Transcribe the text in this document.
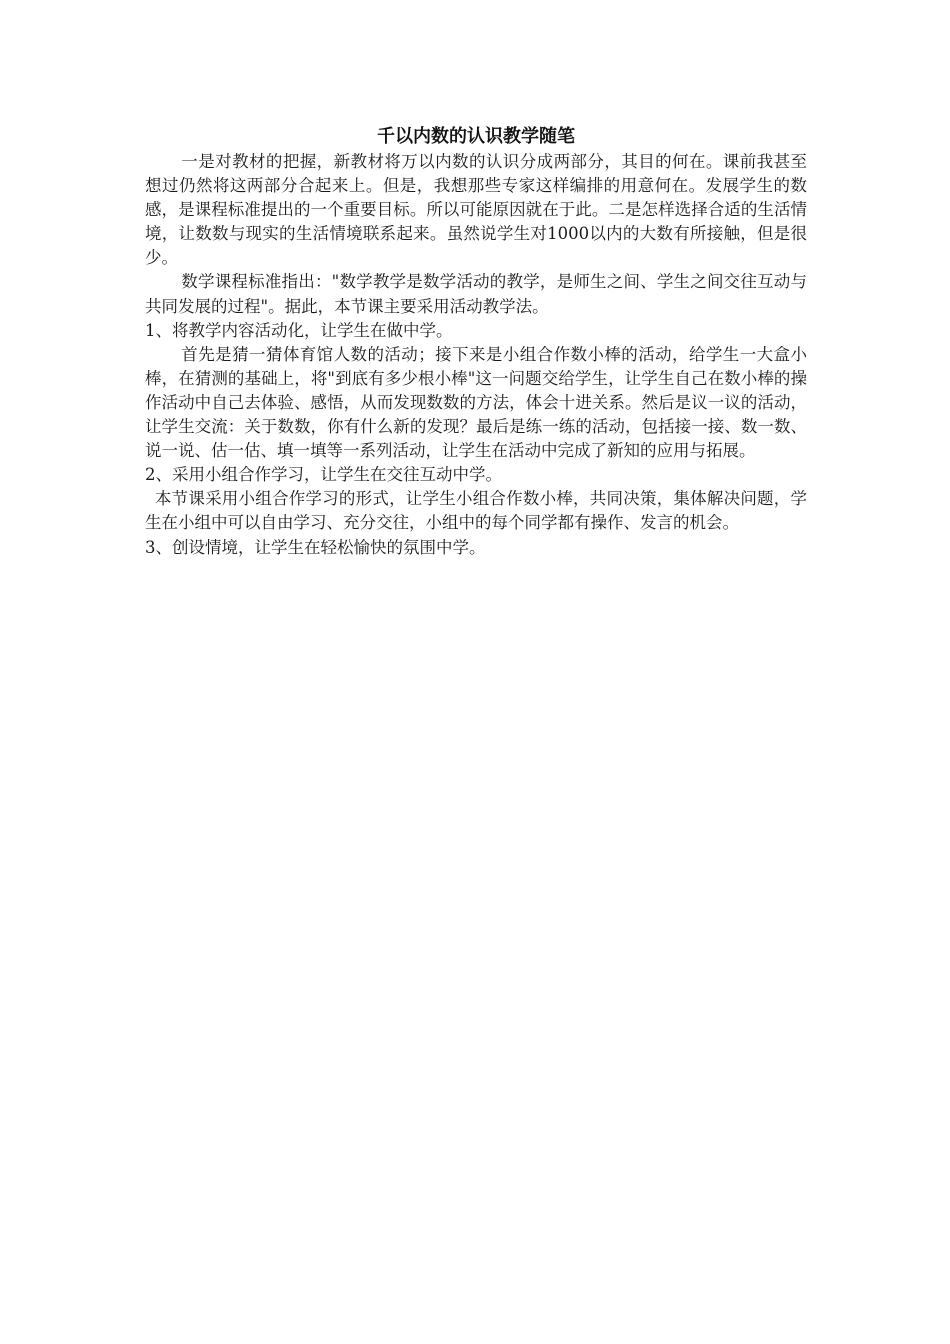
千以内数的认识教学随笔

一是对教材的把握，新教材将万以内数的认识分成两部分，其目的何在。课前我甚至想过仍然将这两部分合起来上。但是，我想那些专家这样编排的用意何在。发展学生的数感，是课程标准提出的一个重要目标。所以可能原因就在于此。二是怎样选择合适的生活情境，让数数与现实的生活情境联系起来。虽然说学生对1000以内的大数有所接触，但是很少。

数学课程标准指出："数学教学是数学活动的教学，是师生之间、学生之间交往互动与共同发展的过程"。据此，本节课主要采用活动教学法。

1、将教学内容活动化，让学生在做中学。

首先是猜一猜体育馆人数的活动；接下来是小组合作数小棒的活动，给学生一大盒小棒，在猜测的基础上，将"到底有多少根小棒"这一问题交给学生，让学生自己在数小棒的操作活动中自己去体验、感悟，从而发现数数的方法，体会十进关系。然后是议一议的活动，让学生交流：关于数数，你有什么新的发现？最后是练一练的活动，包括接一接、数一数、说一说、估一估、填一填等一系列活动，让学生在活动中完成了新知的应用与拓展。

2、采用小组合作学习，让学生在交往互动中学。

本节课采用小组合作学习的形式，让学生小组合作数小棒，共同决策，集体解决问题，学生在小组中可以自由学习、充分交往，小组中的每个同学都有操作、发言的机会。

3、创设情境，让学生在轻松愉快的氛围中学。
